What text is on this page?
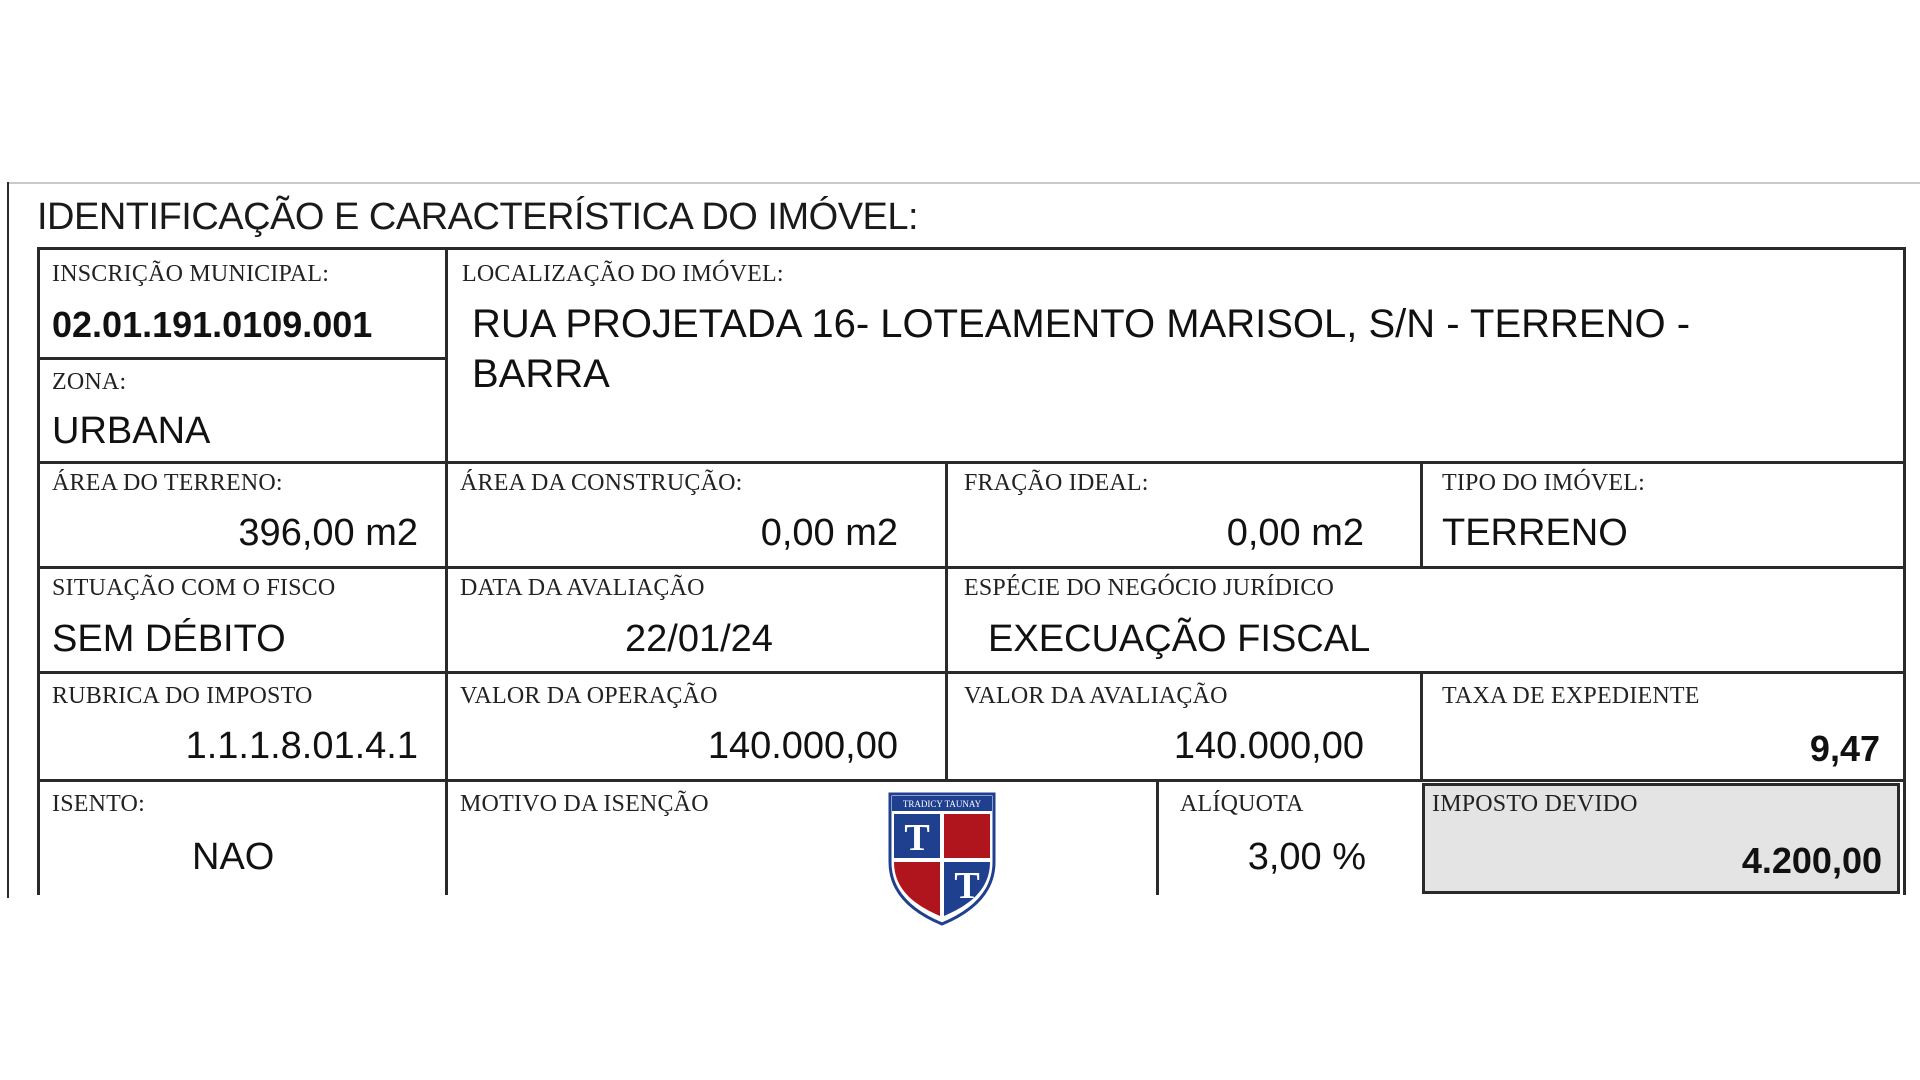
IDENTIFICAÇÃO E CARACTERÍSTICA DO IMÓVEL:
INSCRIÇÃO MUNICIPAL:
02.01.191.0109.001
LOCALIZAÇÃO DO IMÓVEL:
RUA PROJETADA 16- LOTEAMENTO MARISOL, S/N - TERRENO -
BARRA
ZONA:
URBANA
ÁREA DO TERRENO:
396,00 m2
ÁREA DA CONSTRUÇÃO:
0,00 m2
FRAÇÃO IDEAL:
0,00 m2
TIPO DO IMÓVEL:
TERRENO
SITUAÇÃO COM O FISCO
SEM DÉBITO
DATA DA AVALIAÇÃO
22/01/24
ESPÉCIE DO NEGÓCIO JURÍDICO
EXECUAÇÃO FISCAL
RUBRICA DO IMPOSTO
1.1.1.8.01.4.1
VALOR DA OPERAÇÃO
140.000,00
VALOR DA AVALIAÇÃO
140.000,00
TAXA DE EXPEDIENTE
9,47
ISENTO:
NAO
MOTIVO DA ISENÇÃO	ALÍQUOTA
3,00 %
IMPOSTO DEVIDO
4.200,00
TRADICY TAUNAY
T
T
